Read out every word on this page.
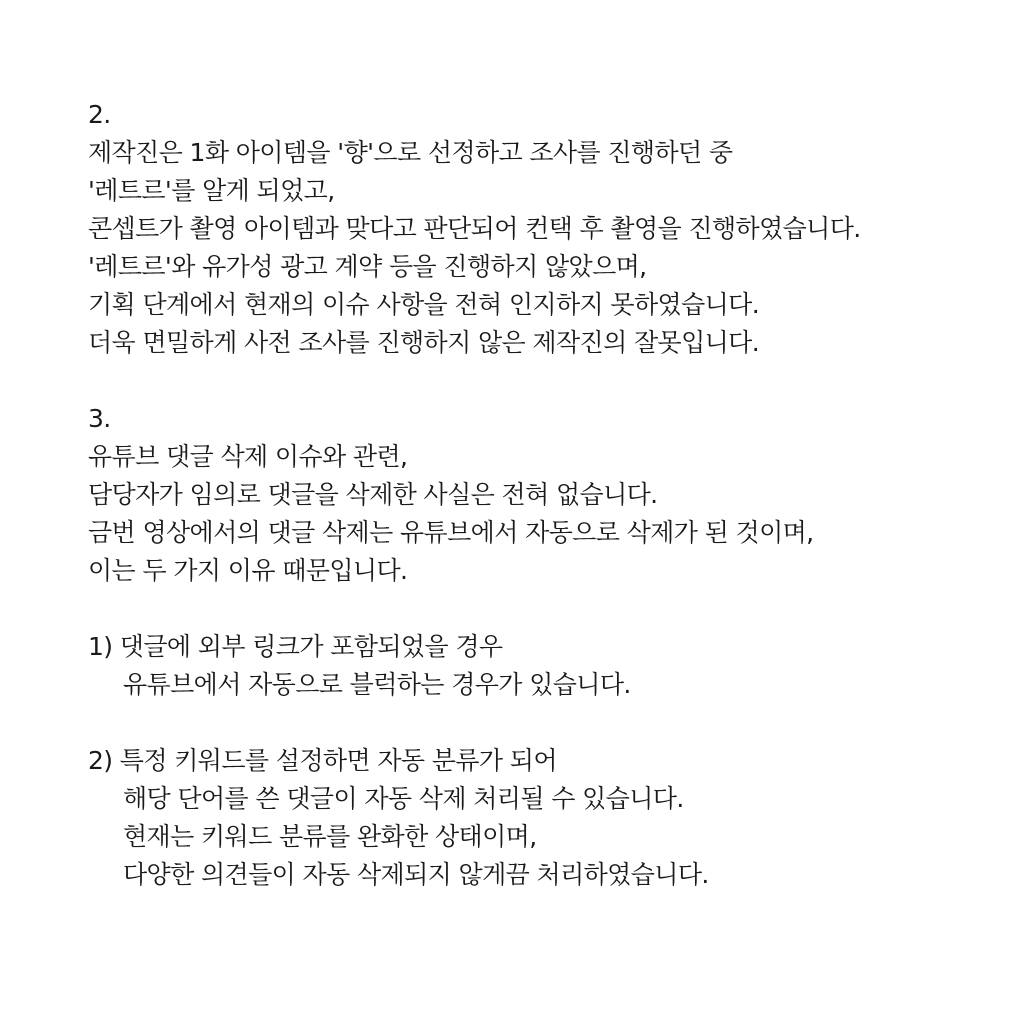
2.
제작진은 1화 아이템을 '향'으로 선정하고 조사를 진행하던 중
'레트르'를 알게 되었고,
콘셉트가 촬영 아이템과 맞다고 판단되어 컨택 후 촬영을 진행하였습니다.
'레트르'와 유가성 광고 계약 등을 진행하지 않았으며,
기획 단계에서 현재의 이슈 사항을 전혀 인지하지 못하였습니다.
더욱 면밀하게 사전 조사를 진행하지 않은 제작진의 잘못입니다.
3.
유튜브 댓글 삭제 이슈와 관련,
담당자가 임의로 댓글을 삭제한 사실은 전혀 없습니다.
금번 영상에서의 댓글 삭제는 유튜브에서 자동으로 삭제가 된 것이며,
이는 두 가지 이유 때문입니다.
1) 댓글에 외부 링크가 포함되었을 경우
유튜브에서 자동으로 블럭하는 경우가 있습니다.
2) 특정 키워드를 설정하면 자동 분류가 되어
해당 단어를 쓴 댓글이 자동 삭제 처리될 수 있습니다.
현재는 키워드 분류를 완화한 상태이며,
다양한 의견들이 자동 삭제되지 않게끔 처리하였습니다.
